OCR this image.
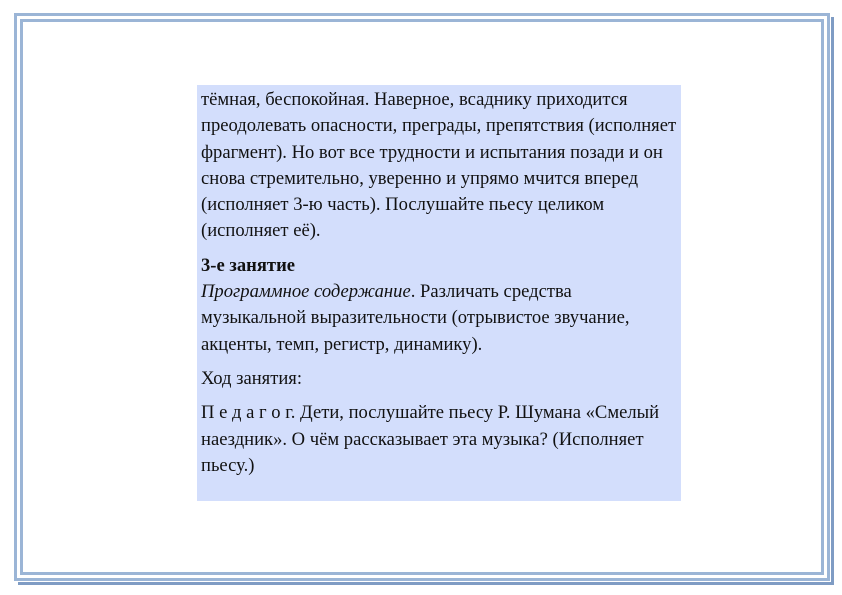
тёмная, беспокойная. Наверное, всаднику приходится преодолевать опасности, преграды, препятствия (исполняет фрагмент). Но вот все трудности и испытания позади и он снова стремительно, уверенно и упрямо мчится вперед (исполняет 3-ю часть). Послушайте пьесу целиком (исполняет её).

3-е занятие

Программное содержание. Различать средства музыкальной выразительности (отрывистое звучание, акценты, темп, регистр, динамику).

Ход занятия:

П е д а г о г. Дети, послушайте пьесу Р. Шумана «Смелый наездник». О чём рассказывает эта музыка? (Исполняет пьесу.)
